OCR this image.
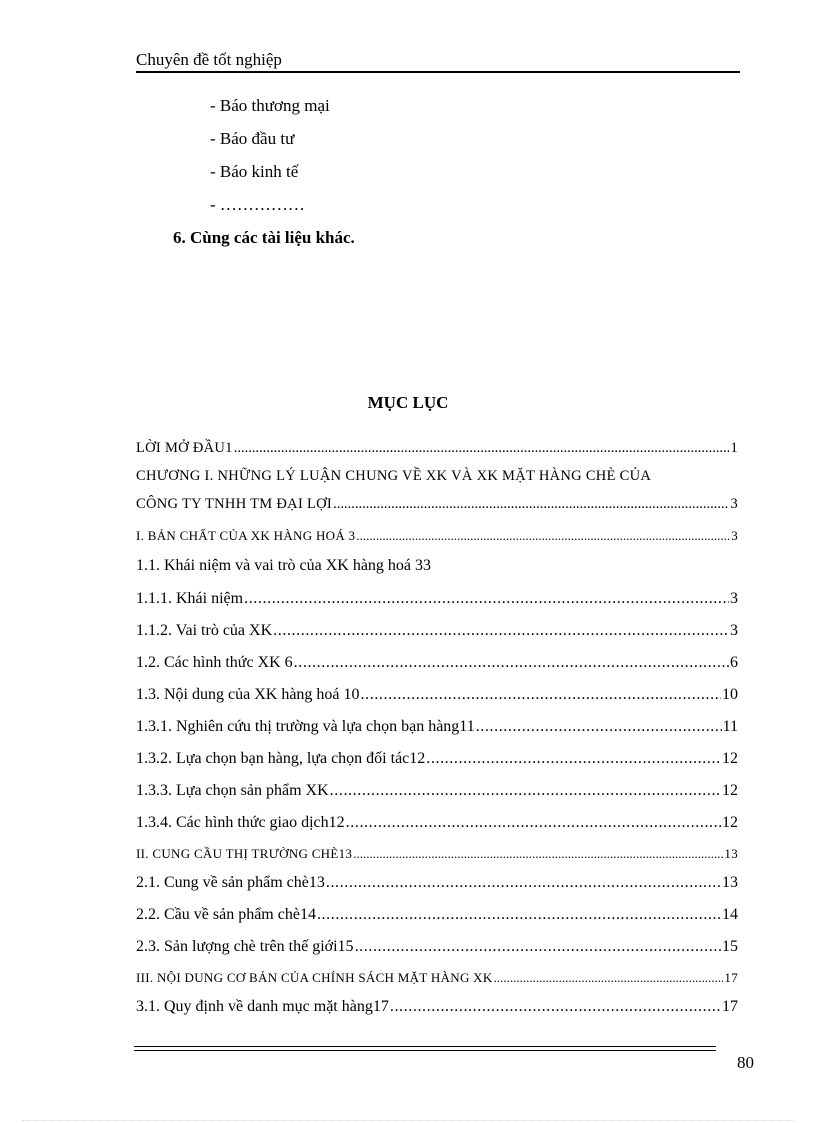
Chuyên đề tốt nghiệp
- Báo thương mại
- Báo đầu tư
- Báo kinh tế
- ……………
6. Cùng các tài liệu khác.
MỤC LỤC
LỜI MỞ ĐẦU1 .....	1
CHƯƠNG I. NHỮNG LÝ LUẬN CHUNG VỀ XK VÀ XK MẶT HÀNG CHÈ CỦA
CÔNG TY TNHH TM ĐẠI LỢI .....	3
I. BẢN CHẤT CỦA XK HÀNG HOÁ 3 .....	3
1.1. Khái niệm và vai trò của XK hàng hoá 33
1.1.1. Khái niệm .....	3
1.1.2. Vai trò của XK .....	3
1.2. Các hình thức XK 6 .....	6
1.3. Nội dung của XK hàng hoá 10 .....	10
1.3.1. Nghiên cứu thị trường và lựa chọn bạn hàng11 .....	11
1.3.2. Lựa chọn bạn hàng, lựa chọn đối tác12 .....	12
1.3.3. Lựa chọn sản phẩm XK .....	12
1.3.4. Các hình thức giao dịch12 .....	12
II. CUNG CẦU THỊ TRƯỜNG CHÈ13 .....	13
2.1. Cung về sản phẩm chè13 .....	13
2.2. Cầu về sản phẩm chè14 .....	14
2.3. Sản lượng chè trên thế giới15 .....	15
III. NỘI DUNG CƠ BẢN CỦA CHÍNH SÁCH MẶT HÀNG XK .....	17
3.1. Quy định về danh mục mặt hàng17 .....	17
80
